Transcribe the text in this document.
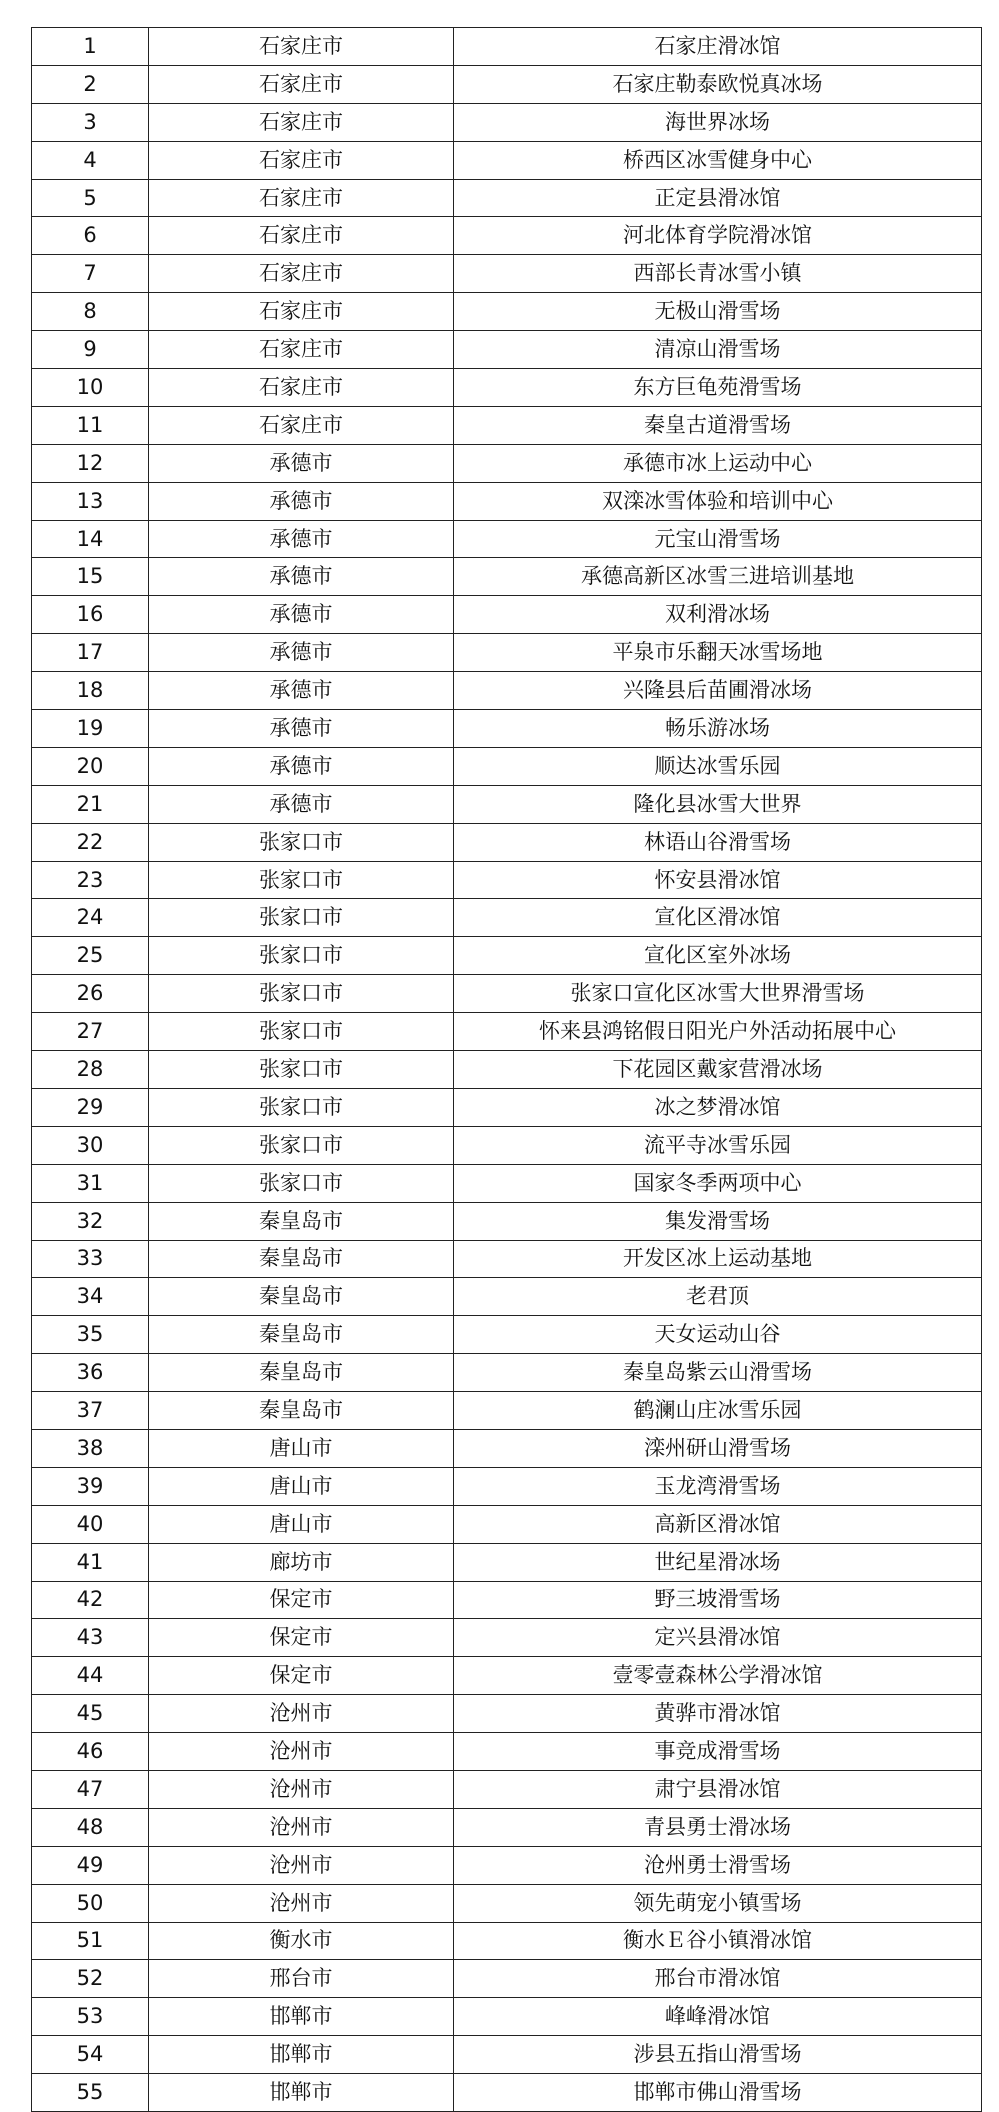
1	石家庄市	石家庄滑冰馆
2	石家庄市	石家庄勒泰欧悦真冰场
3	石家庄市	海世界冰场
4	石家庄市	桥西区冰雪健身中心
5	石家庄市	正定县滑冰馆
6	石家庄市	河北体育学院滑冰馆
7	石家庄市	西部长青冰雪小镇
8	石家庄市	无极山滑雪场
9	石家庄市	清凉山滑雪场
10	石家庄市	东方巨龟苑滑雪场
11	石家庄市	秦皇古道滑雪场
12	承德市	承德市冰上运动中心
13	承德市	双滦冰雪体验和培训中心
14	承德市	元宝山滑雪场
15	承德市	承德高新区冰雪三进培训基地
16	承德市	双利滑冰场
17	承德市	平泉市乐翻天冰雪场地
18	承德市	兴隆县后苗圃滑冰场
19	承德市	畅乐游冰场
20	承德市	顺达冰雪乐园
21	承德市	隆化县冰雪大世界
22	张家口市	林语山谷滑雪场
23	张家口市	怀安县滑冰馆
24	张家口市	宣化区滑冰馆
25	张家口市	宣化区室外冰场
26	张家口市	张家口宣化区冰雪大世界滑雪场
27	张家口市	怀来县鸿铭假日阳光户外活动拓展中心
28	张家口市	下花园区戴家营滑冰场
29	张家口市	冰之梦滑冰馆
30	张家口市	流平寺冰雪乐园
31	张家口市	国家冬季两项中心
32	秦皇岛市	集发滑雪场
33	秦皇岛市	开发区冰上运动基地
34	秦皇岛市	老君顶
35	秦皇岛市	天女运动山谷
36	秦皇岛市	秦皇岛紫云山滑雪场
37	秦皇岛市	鹤澜山庄冰雪乐园
38	唐山市	滦州研山滑雪场
39	唐山市	玉龙湾滑雪场
40	唐山市	高新区滑冰馆
41	廊坊市	世纪星滑冰场
42	保定市	野三坡滑雪场
43	保定市	定兴县滑冰馆
44	保定市	壹零壹森林公学滑冰馆
45	沧州市	黄骅市滑冰馆
46	沧州市	事竞成滑雪场
47	沧州市	肃宁县滑冰馆
48	沧州市	青县勇士滑冰场
49	沧州市	沧州勇士滑雪场
50	沧州市	领先萌宠小镇雪场
51	衡水市	衡水Ｅ谷小镇滑冰馆
52	邢台市	邢台市滑冰馆
53	邯郸市	峰峰滑冰馆
54	邯郸市	涉县五指山滑雪场
55	邯郸市	邯郸市佛山滑雪场
